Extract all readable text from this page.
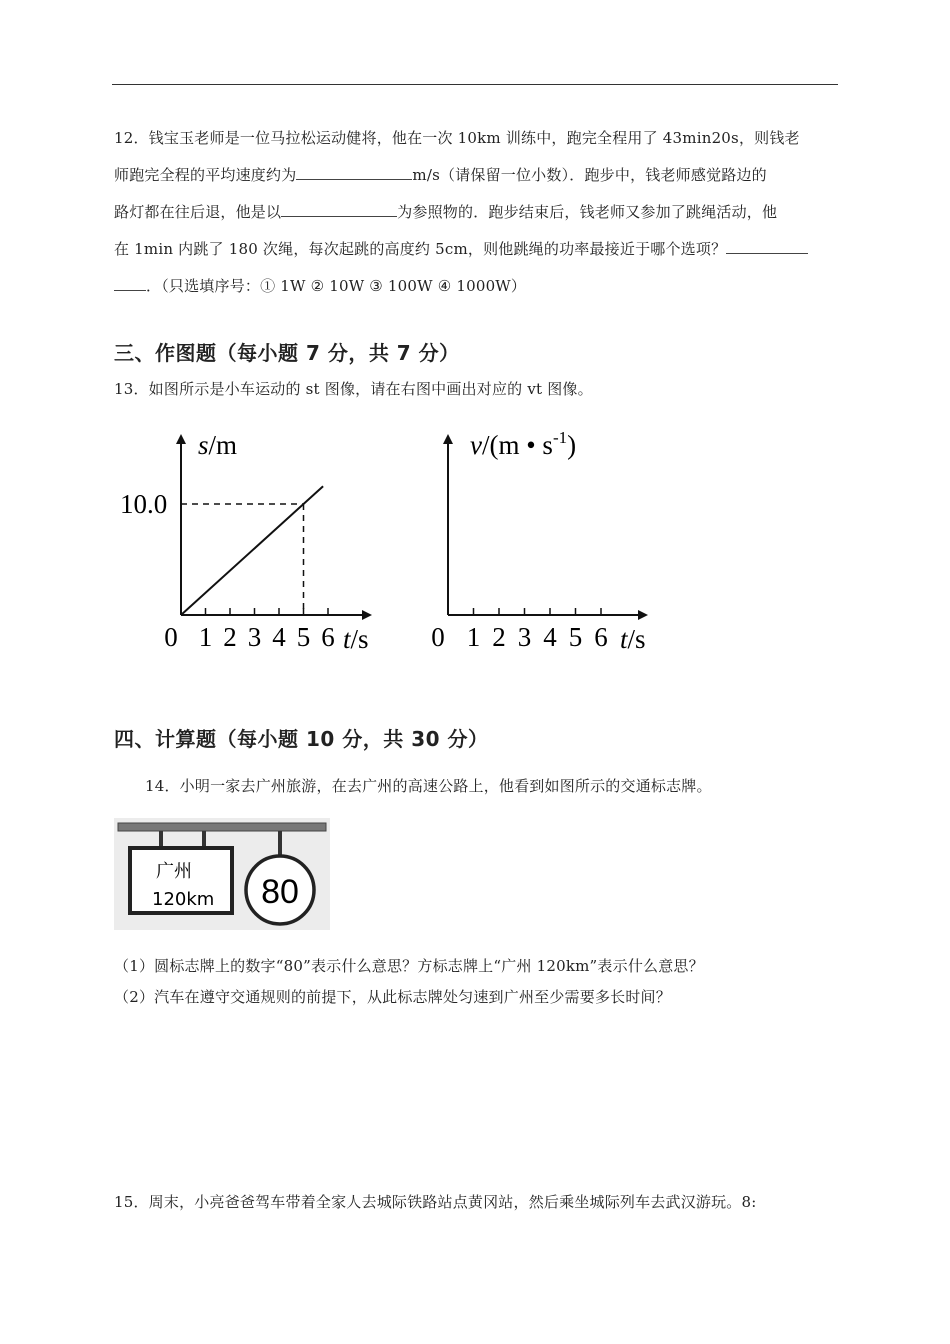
12．钱宝玉老师是一位马拉松运动健将，他在一次 10km 训练中，跑完全程用了 43min20s，则钱老
师跑完全程的平均速度约为	m/s（请保留一位小数）．跑步中，钱老师感觉路边的
路灯都在往后退，他是以	为参照物的．跑步结束后，钱老师又参加了跳绳活动，他
在 1min 内跳了 180 次绳，每次起跳的高度约 5cm，则他跳绳的功率最接近于哪个选项？
．（只选填序号：① 1W ② 10W ③ 100W ④ 1000W）
三、作图题（每小题 7 分，共 7 分）
13．如图所示是小车运动的 st 图像，请在右图中画出对应的 vt 图像。
0 1 2 3 4 5 6
10.0
s/m
t/s 0 1 2 3 4 5 6
v/(m • $s^{-1}$)
t/s
四、计算题（每小题 10 分，共 30 分）
14．小明一家去广州旅游，在去广州的高速公路上，他看到如图所示的交通标志牌。
广州
120km 80
（1）圆标志牌上的数字“80”表示什么意思？方标志牌上“广州 120km”表示什么意思？
（2）汽车在遵守交通规则的前提下，从此标志牌处匀速到广州至少需要多长时间？
15．周末，小亮爸爸驾车带着全家人去城际铁路站点黄冈站，然后乘坐城际列车去武汉游玩。8:
